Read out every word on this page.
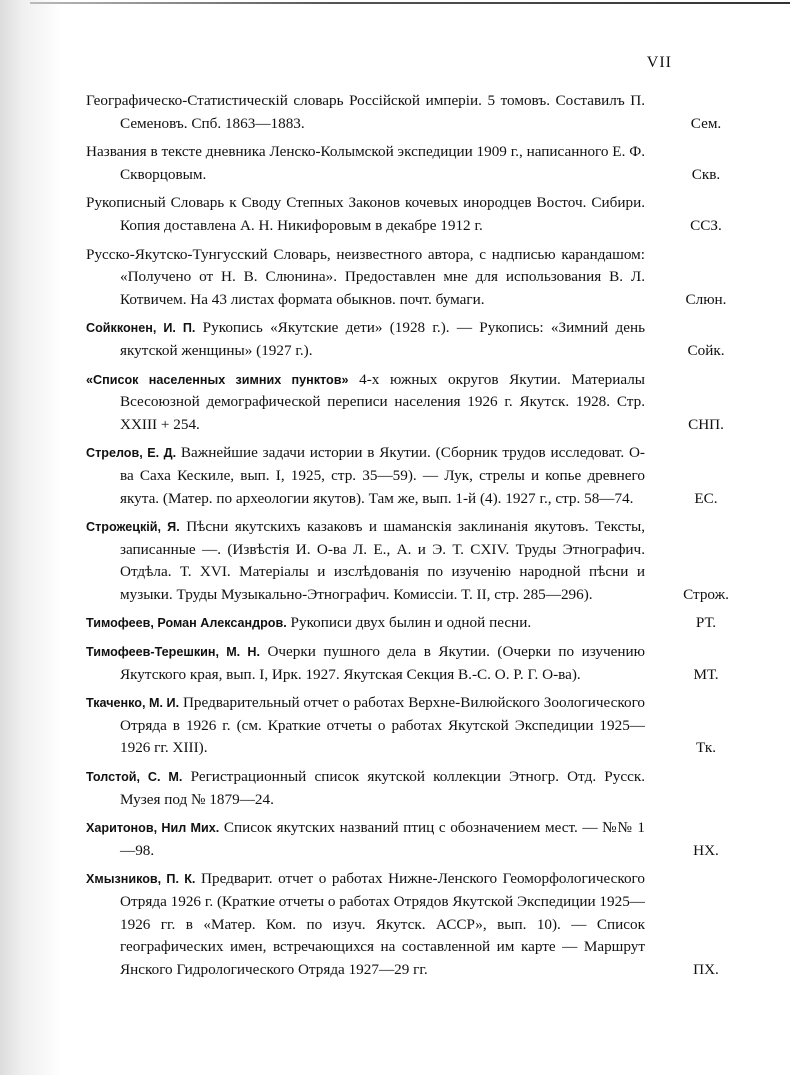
VII

Географическо-Статистическій словарь Россійской имперіи. 5 томовъ. Составилъ П. Семеновъ. Спб. 1863—1883.	Сем.

Названия в тексте дневника Ленско-Колымской экспедиции 1909 г., написанного Е. Ф. Скворцовым.	Скв.

Рукописный Словарь к Своду Степных Законов кочевых инородцев Восточ. Сибири. Копия доставлена А. Н. Никифоровым в декабре 1912 г.	ССЗ.

Русско-Якутско-Тунгусский Словарь, неизвестного автора, с надписью карандашом: «Получено от Н. В. Слюнина». Предоставлен мне для использования В. Л. Котвичем. На 43 листах формата обыкнов. почт. бумаги.	Слюн.

Сойкконен, И. П. Рукопись «Якутские дети» (1928 г.). — Рукопись: «Зимний день якутской женщины» (1927 г.).	Сойк.

«Список населенных зимних пунктов» 4-х южных округов Якутии. Материалы Всесоюзной демографической переписи населения 1926 г. Якутск. 1928. Стр. XXIII + 254.	СНП.

Стрелов, Е. Д. Важнейшие задачи истории в Якутии. (Сборник трудов исследоват. О-ва Саха Кескиле, вып. I, 1925, стр. 35—59). — Лук, стрелы и копье древнего якута. (Матер. по археологии якутов). Там же, вып. 1-й (4). 1927 г., стр. 58—74.	ЕС.

Строжецкій, Я. Пѣсни якутскихъ казаковъ и шаманскія заклинанія якутовъ. Тексты, записанные —. (Извѣстія И. О-ва Л. Е., А. и Э. Т. CXIV. Труды Этнографич. Отдѣла. Т. XVI. Матеріалы и изслѣдованія по изученію народной пѣсни и музыки. Труды Музыкально-Этнографич. Комиссіи. Т. II, стр. 285—296).	Строж.

Тимофеев, Роман Александров. Рукописи двух былин и одной песни.	РТ.

Тимофеев-Терешкин, М. Н. Очерки пушного дела в Якутии. (Очерки по изучению Якутского края, вып. I, Ирк. 1927. Якутская Секция В.-С. О. Р. Г. О-ва).	МТ.

Ткаченко, М. И. Предварительный отчет о работах Верхне-Вилюйского Зоологического Отряда в 1926 г. (см. Краткие отчеты о работах Якутской Экспедиции 1925—1926 гг. XIII).	Тк.

Толстой, С. М. Регистрационный список якутской коллекции Этногр. Отд. Русск. Музея под № 1879—24.

Харитонов, Нил Мих. Список якутских названий птиц с обозначением мест. — №№ 1—98.	НХ.

Хмызников, П. К. Предварит. отчет о работах Нижне-Ленского Геоморфологического Отряда 1926 г. (Краткие отчеты о работах Отрядов Якутской Экспедиции 1925—1926 гг. в «Матер. Ком. по изуч. Якутск. АССР», вып. 10). — Список географических имен, встречающихся на составленной им карте — Маршрут Янского Гидрологического Отряда 1927—29 гг.	ПХ.
